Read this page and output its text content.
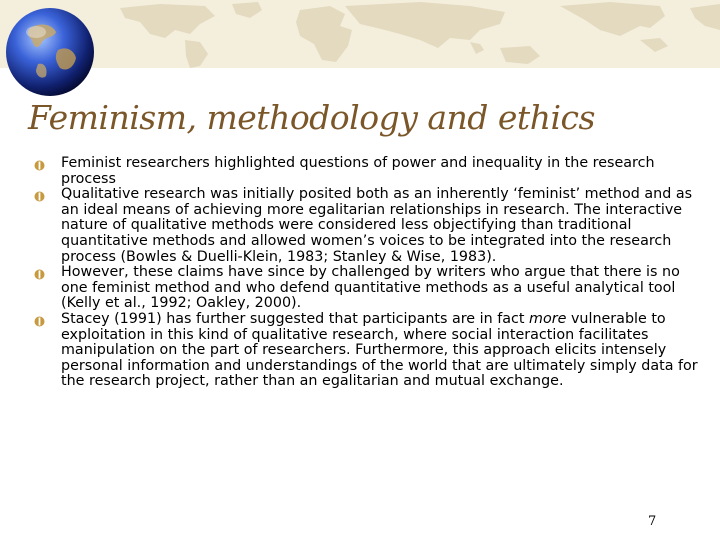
Feminism, methodology and ethics
Feminist researchers highlighted questions of power and inequality in the research process
Qualitative research was initially posited both as an inherently ‘feminist’ method and as an ideal means of achieving more egalitarian relationships in research. The interactive nature of qualitative methods were considered less objectifying than traditional quantitative methods and allowed women’s voices to be integrated into the research process (Bowles & Duelli-Klein, 1983; Stanley & Wise, 1983).
However, these claims have since by challenged by writers who argue that there is no one feminist method and who defend quantitative methods as a useful analytical tool (Kelly et al., 1992; Oakley, 2000).
Stacey (1991) has further suggested that participants are in fact more vulnerable to exploitation in this kind of qualitative research, where social interaction facilitates manipulation on the part of researchers. Furthermore, this approach elicits intensely personal information and understandings of the world that are ultimately simply data for the research project, rather than an egalitarian and mutual exchange.
7
